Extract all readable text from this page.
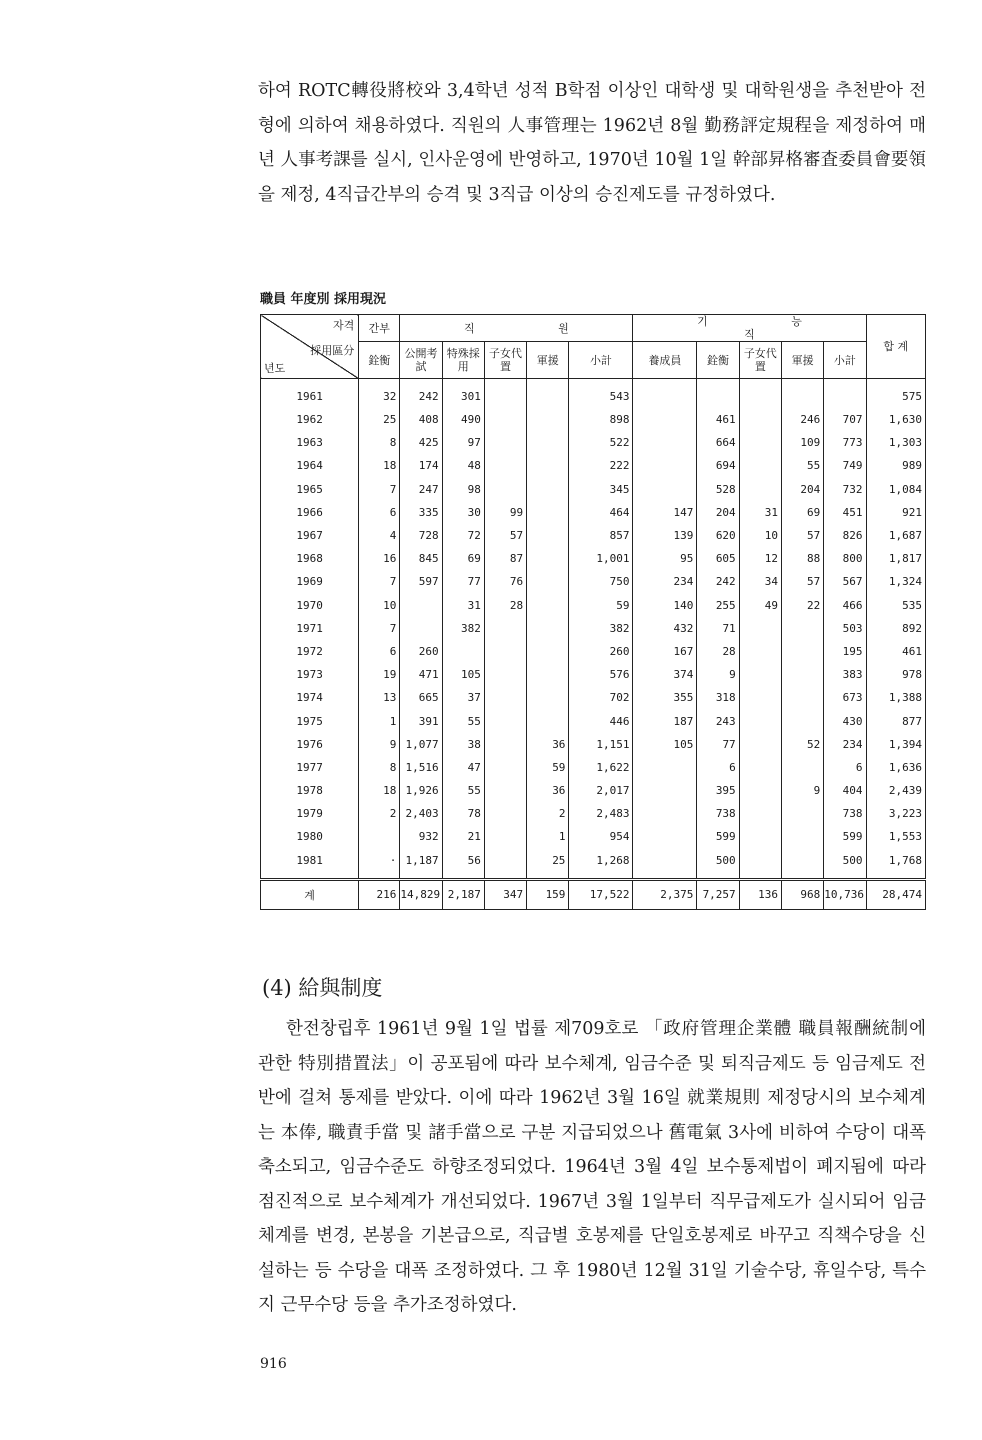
하여 ROTC轉役將校와 3,4학년 성적 B학점 이상인 대학생 및 대학원생을 추천받아 전형에 의하여 채용하였다. 직원의 人事管理는 1962년 8월 勤務評定規程을 제정하여 매년 人事考課를 실시, 인사운영에 반영하고, 1970년 10월 1일 幹部昇格審査委員會要領을 제정, 4직급간부의 승격 및 3직급 이상의 승진제도를 규정하였다.

職員 年度別 採用現況
자격
採用區分
년도	간부	직 원					기 능 직					합 계
	銓衡	公開考試	特殊採用	子女代置	軍援	小計	養成員	銓衡	子女代置	軍援	小計	
1961	32	242	301			543						575
1962	25	408	490			898		461		246	707	1,630
1963	8	425	97			522		664		109	773	1,303
1964	18	174	48			222		694		55	749	989
1965	7	247	98			345		528		204	732	1,084
1966	6	335	30	99		464	147	204	31	69	451	921
1967	4	728	72	57		857	139	620	10	57	826	1,687
1968	16	845	69	87		1,001	95	605	12	88	800	1,817
1969	7	597	77	76		750	234	242	34	57	567	1,324
1970	10		31	28		59	140	255	49	22	466	535
1971	7		382			382	432	71			503	892
1972	6	260				260	167	28			195	461
1973	19	471	105			576	374	9			383	978
1974	13	665	37			702	355	318			673	1,388
1975	1	391	55			446	187	243			430	877
1976	9	1,077	38		36	1,151	105	77		52	234	1,394
1977	8	1,516	47		59	1,622		6			6	1,636
1978	18	1,926	55		36	2,017		395		9	404	2,439
1979	2	2,403	78		2	2,483		738			738	3,223
1980		932	21		1	954		599			599	1,553
1981	·	1,187	56		25	1,268		500			500	1,768
계	216	14,829	2,187	347	159	17,522	2,375	7,257	136	968	10,736	28,474
(4) 給與制度

한전창립후 1961년 9월 1일 법률 제709호로 「政府管理企業體 職員報酬統制에 관한 特別措置法」이 공포됨에 따라 보수체계, 임금수준 및 퇴직금제도 등 임금제도 전반에 걸쳐 통제를 받았다. 이에 따라 1962년 3월 16일 就業規則 제정당시의 보수체계는 本俸, 職責手當 및 諸手當으로 구분 지급되었으나 舊電氣 3사에 비하여 수당이 대폭 축소되고, 임금수준도 하향조정되었다. 1964년 3월 4일 보수통제법이 폐지됨에 따라 점진적으로 보수체계가 개선되었다. 1967년 3월 1일부터 직무급제도가 실시되어 임금체계를 변경, 본봉을 기본급으로, 직급별 호봉제를 단일호봉제로 바꾸고 직책수당을 신설하는 등 수당을 대폭 조정하였다. 그 후 1980년 12월 31일 기술수당, 휴일수당, 특수지 근무수당 등을 추가조정하였다.

916
